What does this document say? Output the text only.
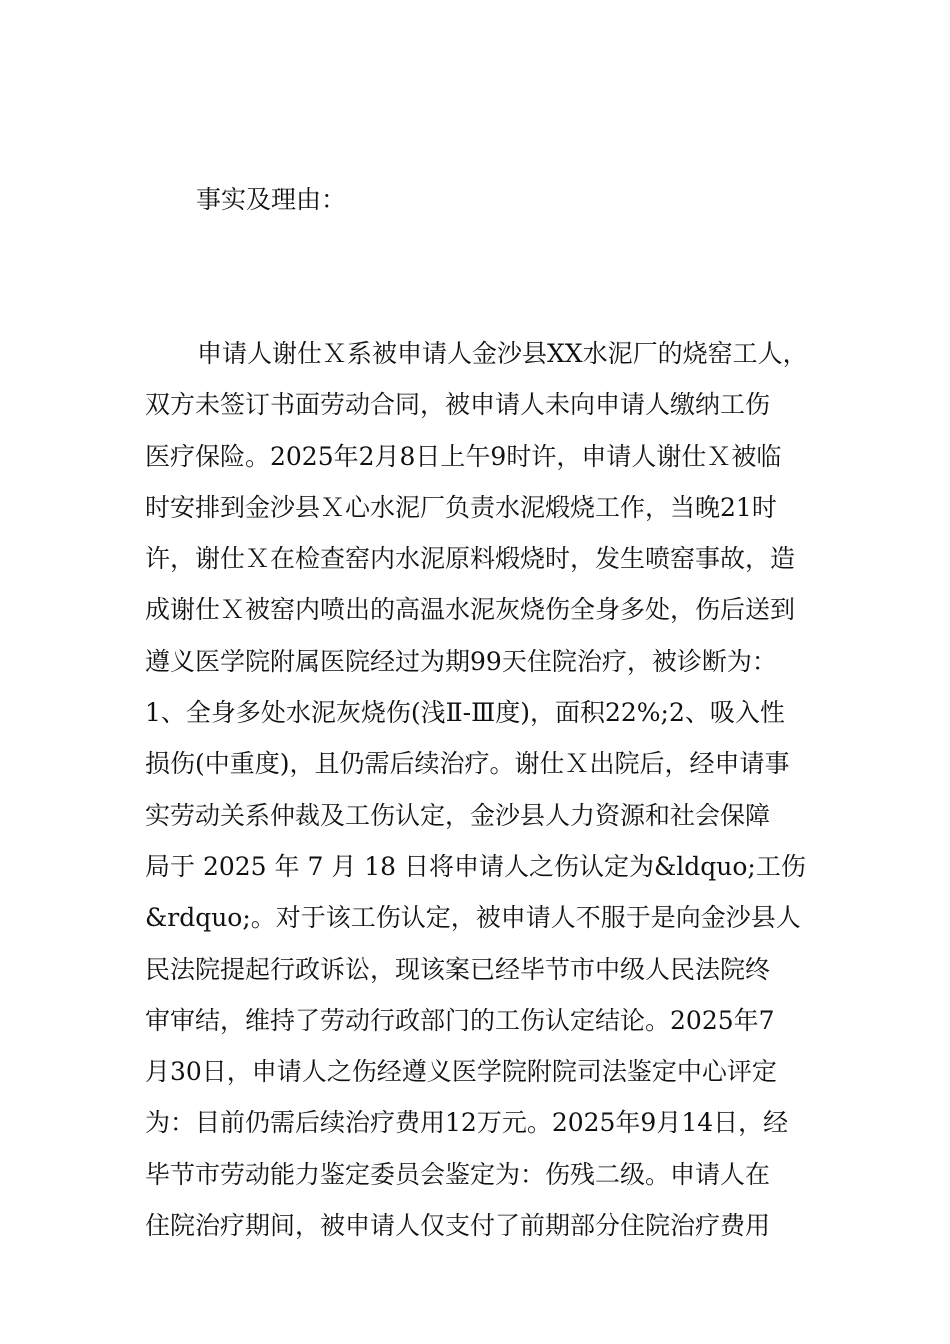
事实及理由：
申请人谢仕Ｘ系被申请人金沙县XX水泥厂的烧窑工人，
双方未签订书面劳动合同，被申请人未向申请人缴纳工伤
医疗保险。2025年2月8日上午9时许，申请人谢仕Ｘ被临
时安排到金沙县Ｘ心水泥厂负责水泥煅烧工作，当晚21时
许，谢仕Ｘ在检查窑内水泥原料煅烧时，发生喷窑事故，造
成谢仕Ｘ被窑内喷出的高温水泥灰烧伤全身多处，伤后送到
遵义医学院附属医院经过为期99天住院治疗，被诊断为：
1、全身多处水泥灰烧伤(浅Ⅱ-Ⅲ度)，面积22%;2、吸入性
损伤(中重度)，且仍需后续治疗。谢仕Ｘ出院后，经申请事
实劳动关系仲裁及工伤认定，金沙县人力资源和社会保障
局于 2025 年 7 月 18 日将申请人之伤认定为&ldquo;工伤
&rdquo;。对于该工伤认定，被申请人不服于是向金沙县人
民法院提起行政诉讼，现该案已经毕节市中级人民法院终
审审结，维持了劳动行政部门的工伤认定结论。2025年7
月30日，申请人之伤经遵义医学院附院司法鉴定中心评定
为：目前仍需后续治疗费用12万元。2025年9月14日，经
毕节市劳动能力鉴定委员会鉴定为：伤残二级。申请人在
住院治疗期间，被申请人仅支付了前期部分住院治疗费用
